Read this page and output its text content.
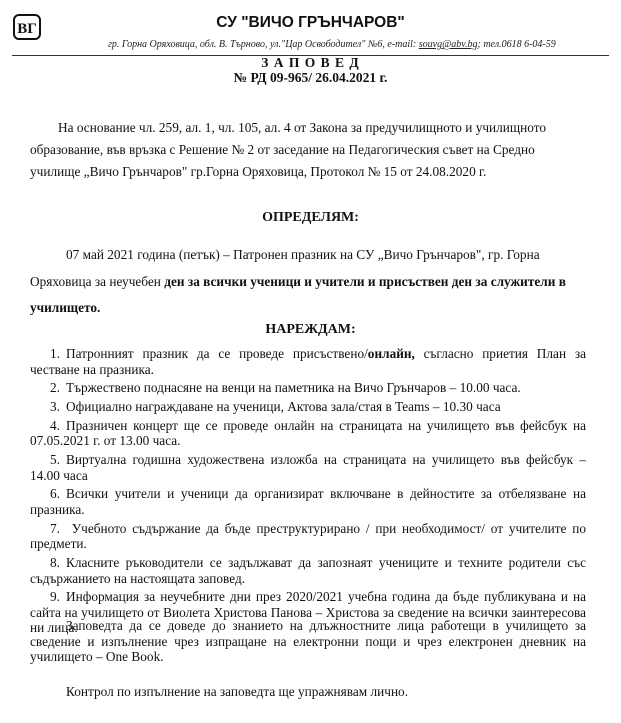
ВГ	СУ "ВИЧО ГРЪНЧАРОВ"
гр. Горна Оряховица, обл. В. Търново, ул."Цар Освободител" №6, e-mail: souvg@abv.bg; тел.0618 6-04-59
З А П О В Е Д
№ РД 09-965/ 26.04.2021 г.
На основание чл. 259, ал. 1, чл. 105, ал. 4 от Закона за предучилищното и училищното
образование, във връзка с Решение № 2 от заседание на Педагогическия съвет на Средно
училище „Вичо Грънчаров" гр.Горна Оряховица, Протокол № 15 от 24.08.2020 г.
ОПРЕДЕЛЯМ:
07 май 2021 година (петък) – Патронен празник на СУ „Вичо Грънчаров", гр. Горна
Оряховица за неучебен ден за всички ученици и учители и присъствен ден за служители в
училището.
НАРЕЖДАМ:
1. Патронният празник да се проведе присъствено/онлайн, съгласно приетия План за честване на празника.
2. Тържествено поднасяне на венци на паметника на Вичо Грънчаров – 10.00 часа.
3. Официално награждаване на ученици, Актова зала/стая в Teams – 10.30 часа
4. Празничен концерт ще се проведе онлайн на страницата на училището във фейсбук на 07.05.2021 г. от 13.00 часа.
5. Виртуална годишна художествена изложба на страницата на училището във фейсбук – 14.00 часа
6. Всички учители и ученици да организират включване в дейностите за отбелязване на празника.
7. Учебното съдържание да бъде преструктурирано / при необходимост/ от учителите по предмети.
8. Класните ръководители се задължават да запознаят учениците и техните родители със съдържанието на настоящата заповед.
9. Информация за неучебните дни през 2020/2021 учебна година да бъде публикувана и на сайта на училището от Виолета Христова Панова – Христова за сведение на всички заинтересова ни лица.
Заповедта да се доведе до знанието на длъжностните лица работещи в училището за сведение и изпълнение чрез изпращане на електронни пощи и чрез електронен дневник на училището – One Book.
Контрол по изпълнение на заповедта ще упражнявам лично.
